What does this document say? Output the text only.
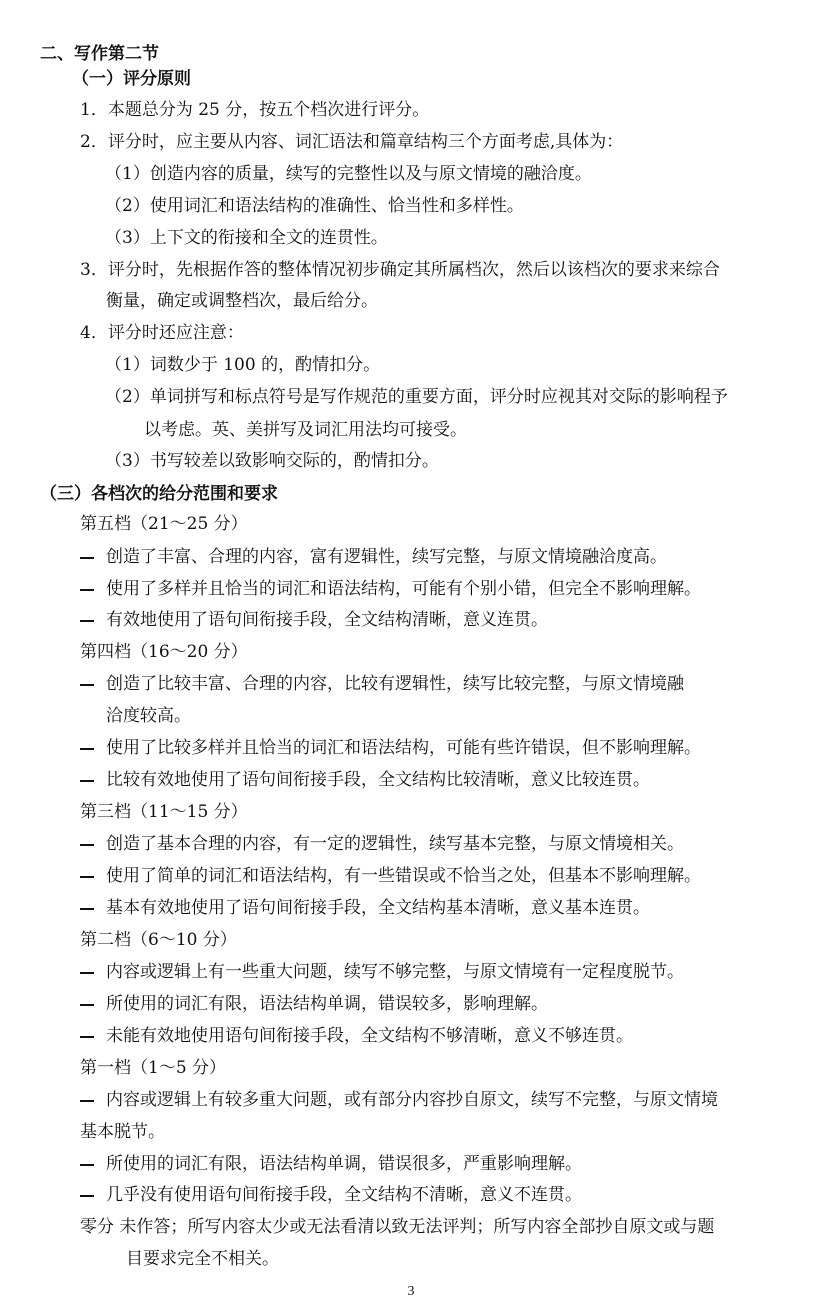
二、写作第二节
（一）评分原则
1．本题总分为 25 分，按五个档次进行评分。
2．评分时，应主要从内容、词汇语法和篇章结构三个方面考虑,具体为：
（1）创造内容的质量，续写的完整性以及与原文情境的融洽度。
（2）使用词汇和语法结构的准确性、恰当性和多样性。
（3）上下文的衔接和全文的连贯性。
3．评分时，先根据作答的整体情况初步确定其所属档次，然后以该档次的要求来综合
衡量，确定或调整档次，最后给分。
4．评分时还应注意：
（1）词数少于 100 的，酌情扣分。
（2）单词拼写和标点符号是写作规范的重要方面，评分时应视其对交际的影响程予
以考虑。英、美拼写及词汇用法均可接受。
（3）书写较差以致影响交际的，酌情扣分。
（三）各档次的给分范围和要求
第五档（21～25 分）
创造了丰富、合理的内容，富有逻辑性，续写完整，与原文情境融洽度高。
使用了多样并且恰当的词汇和语法结构，可能有个别小错，但完全不影响理解。
有效地使用了语句间衔接手段，全文结构清晰，意义连贯。
第四档（16～20 分）
创造了比较丰富、合理的内容，比较有逻辑性，续写比较完整，与原文情境融
洽度较高。
使用了比较多样并且恰当的词汇和语法结构，可能有些许错误，但不影响理解。
比较有效地使用了语句间衔接手段，全文结构比较清晰，意义比较连贯。
第三档（11～15 分）
创造了基本合理的内容，有一定的逻辑性，续写基本完整，与原文情境相关。
使用了简单的词汇和语法结构，有一些错误或不恰当之处，但基本不影响理解。
基本有效地使用了语句间衔接手段，全文结构基本清晰，意义基本连贯。
第二档（6～10 分）
内容或逻辑上有一些重大问题，续写不够完整，与原文情境有一定程度脱节。
所使用的词汇有限，语法结构单调，错误较多，影响理解。
未能有效地使用语句间衔接手段，全文结构不够清晰，意义不够连贯。
第一档（1～5 分）
内容或逻辑上有较多重大问题，或有部分内容抄自原文，续写不完整，与原文情境
基本脱节。
所使用的词汇有限，语法结构单调，错误很多，严重影响理解。
几乎没有使用语句间衔接手段，全文结构不清晰，意义不连贯。
零分 未作答；所写内容太少或无法看清以致无法评判；所写内容全部抄自原文或与题
目要求完全不相关。
3
